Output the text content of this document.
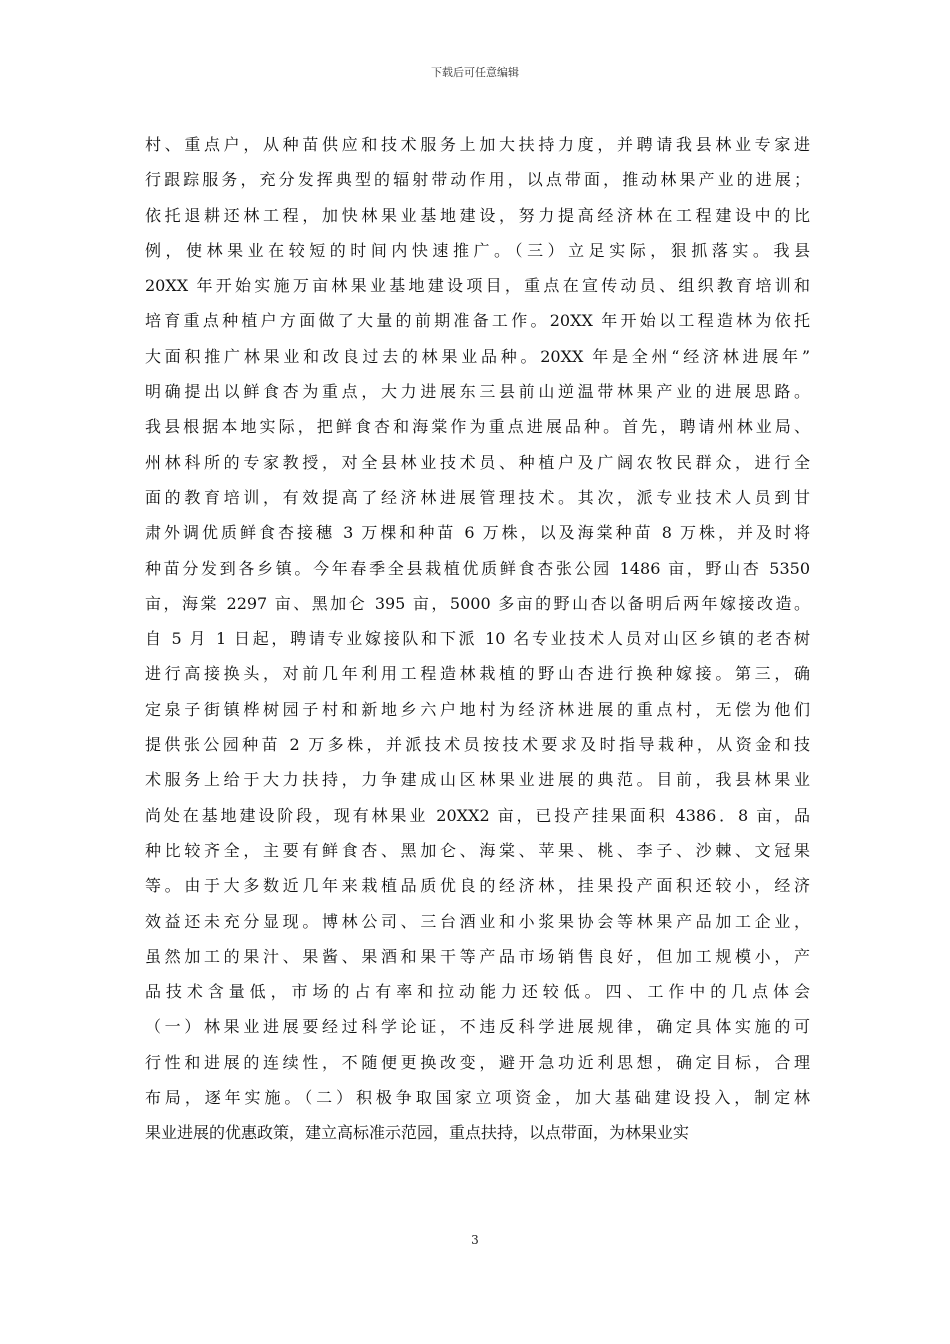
下载后可任意编辑
村、重点户，从种苗供应和技术服务上加大扶持力度，并聘请我县林业专家进
行跟踪服务，充分发挥典型的辐射带动作用，以点带面，推动林果产业的进展；
依托退耕还林工程，加快林果业基地建设，努力提高经济林在工程建设中的比
例，使林果业在较短的时间内快速推广。（三）立足实际，狠抓落实。我县
20XX 年开始实施万亩林果业基地建设项目，重点在宣传动员、组织教育培训和
培育重点种植户方面做了大量的前期准备工作。20XX 年开始以工程造林为依托
大面积推广林果业和改良过去的林果业品种。20XX 年是全州“经济林进展年”
明确提出以鲜食杏为重点，大力进展东三县前山逆温带林果产业的进展思路。
我县根据本地实际，把鲜食杏和海棠作为重点进展品种。首先，聘请州林业局、
州林科所的专家教授，对全县林业技术员、种植户及广阔农牧民群众，进行全
面的教育培训，有效提高了经济林进展管理技术。其次，派专业技术人员到甘
肃外调优质鲜食杏接穗 3 万棵和种苗 6 万株，以及海棠种苗 8 万株，并及时将
种苗分发到各乡镇。今年春季全县栽植优质鲜食杏张公园 1486 亩，野山杏 5350
亩，海棠 2297 亩、黑加仑 395 亩，5000 多亩的野山杏以备明后两年嫁接改造。
自 5 月 1 日起，聘请专业嫁接队和下派 10 名专业技术人员对山区乡镇的老杏树
进行高接换头，对前几年利用工程造林栽植的野山杏进行换种嫁接。第三，确
定泉子街镇桦树园子村和新地乡六户地村为经济林进展的重点村，无偿为他们
提供张公园种苗 2 万多株，并派技术员按技术要求及时指导栽种，从资金和技
术服务上给于大力扶持，力争建成山区林果业进展的典范。目前，我县林果业
尚处在基地建设阶段，现有林果业 20XX2 亩，已投产挂果面积 4386．8 亩，品
种比较齐全，主要有鲜食杏、黑加仑、海棠、苹果、桃、李子、沙棘、文冠果
等。由于大多数近几年来栽植品质优良的经济林，挂果投产面积还较小，经济
效益还未充分显现。博林公司、三台酒业和小浆果协会等林果产品加工企业，
虽然加工的果汁、果酱、果酒和果干等产品市场销售良好，但加工规模小，产
品技术含量低，市场的占有率和拉动能力还较低。四、工作中的几点体会
（一）林果业进展要经过科学论证，不违反科学进展规律，确定具体实施的可
行性和进展的连续性，不随便更换改变，避开急功近利思想，确定目标，合理
布局，逐年实施。（二）积极争取国家立项资金，加大基础建设投入，制定林
果业进展的优惠政策，建立高标准示范园，重点扶持，以点带面，为林果业实
3
